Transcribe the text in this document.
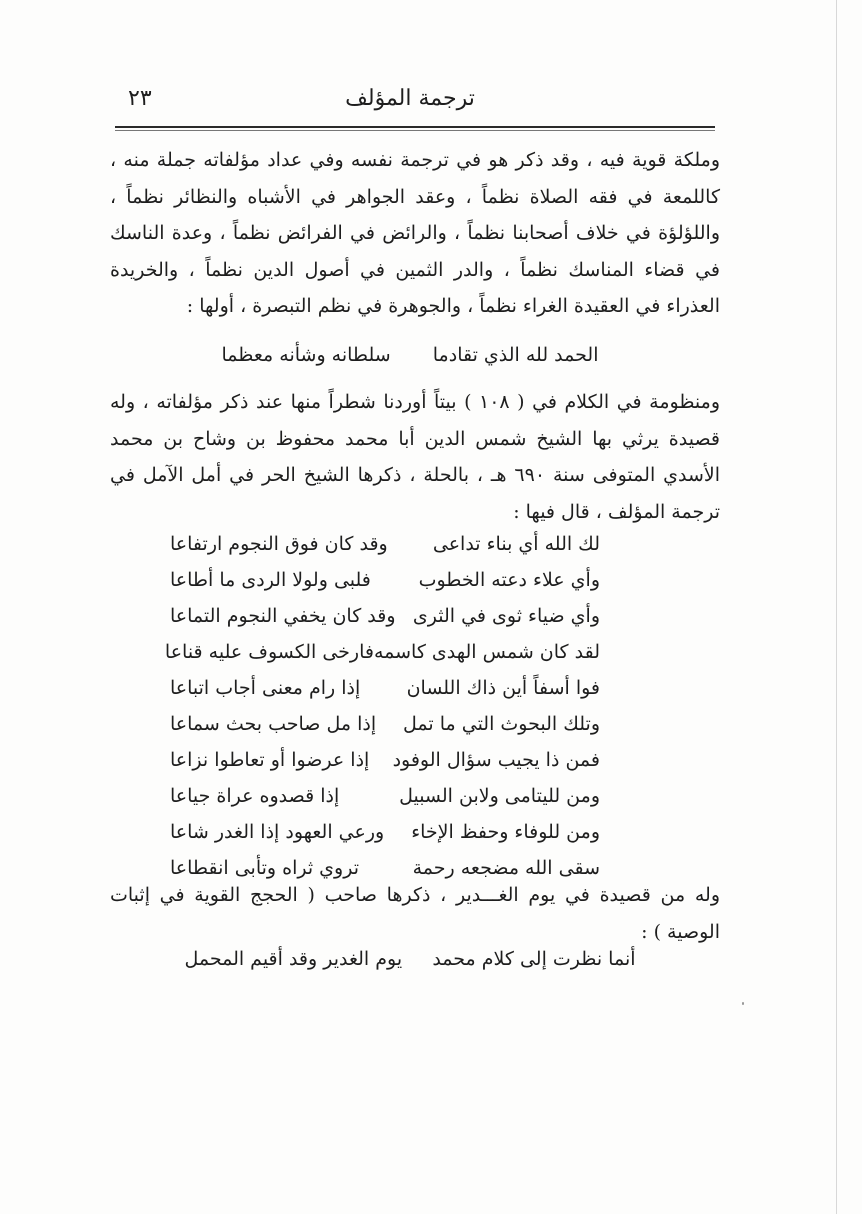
٢٣	ترجمة المؤلف

وملكة قوية فيه ، وقد ذكر هو في ترجمة نفسه وفي عداد مؤلفاته جملة منه ، كاللمعة في فقه الصلاة نظماً ، وعقد الجواهر في الأشباه والنظائر نظماً ، واللؤلؤة في خلاف أصحابنا نظماً ، والرائض في الفرائض نظماً ، وعدة الناسك في قضاء المناسك نظماً ، والدر الثمين في أصول الدين نظماً ، والخريدة العذراء في العقيدة الغراء نظماً ، والجوهرة في نظم التبصرة ، أولها :

الحمد لله الذي تقادما سلطانه وشأنه معظما

ومنظومة في الكلام في ( ١٠٨ ) بيتاً أوردنا شطراً منها عند ذكر مؤلفاته ، وله قصيدة يرثي بها الشيخ شمس الدين أبا محمد محفوظ بن وشاح بن محمد الأسدي المتوفى سنة ٦٩٠ هـ ، بالحلة ، ذكرها الشيخ الحر في أمل الآمل في ترجمة المؤلف ، قال فيها :

لك الله أي بناء تداعى
وقد كان فوق النجوم ارتفاعا
وأي علاء دعته الخطوب
فلبى ولولا الردى ما أطاعا
وأي ضياء ثوى في الثرى
وقد كان يخفي النجوم التماعا
لقد كان شمس الهدى كاسمه
فارخى الكسوف عليه قناعا
فوا أسفاً أين ذاك اللسان
إذا رام معنى أجاب اتباعا
وتلك البحوث التي ما تمل
إذا مل صاحب بحث سماعا
فمن ذا يجيب سؤال الوفود
إذا عرضوا أو تعاطوا نزاعا
ومن لليتامى ولابن السبيل
إذا قصدوه عراة جياعا
ومن للوفاء وحفظ الإخاء
ورعي العهود إذا الغدر شاعا
سقى الله مضجعه رحمة
تروي ثراه وتأبى انقطاعا

وله من قصيدة في يوم الغـــدير ، ذكرها صاحب ( الحجج القوية في إثبات الوصية ) :

أنما نظرت إلى كلام محمد     يوم الغدير وقد أقيم المحمل
